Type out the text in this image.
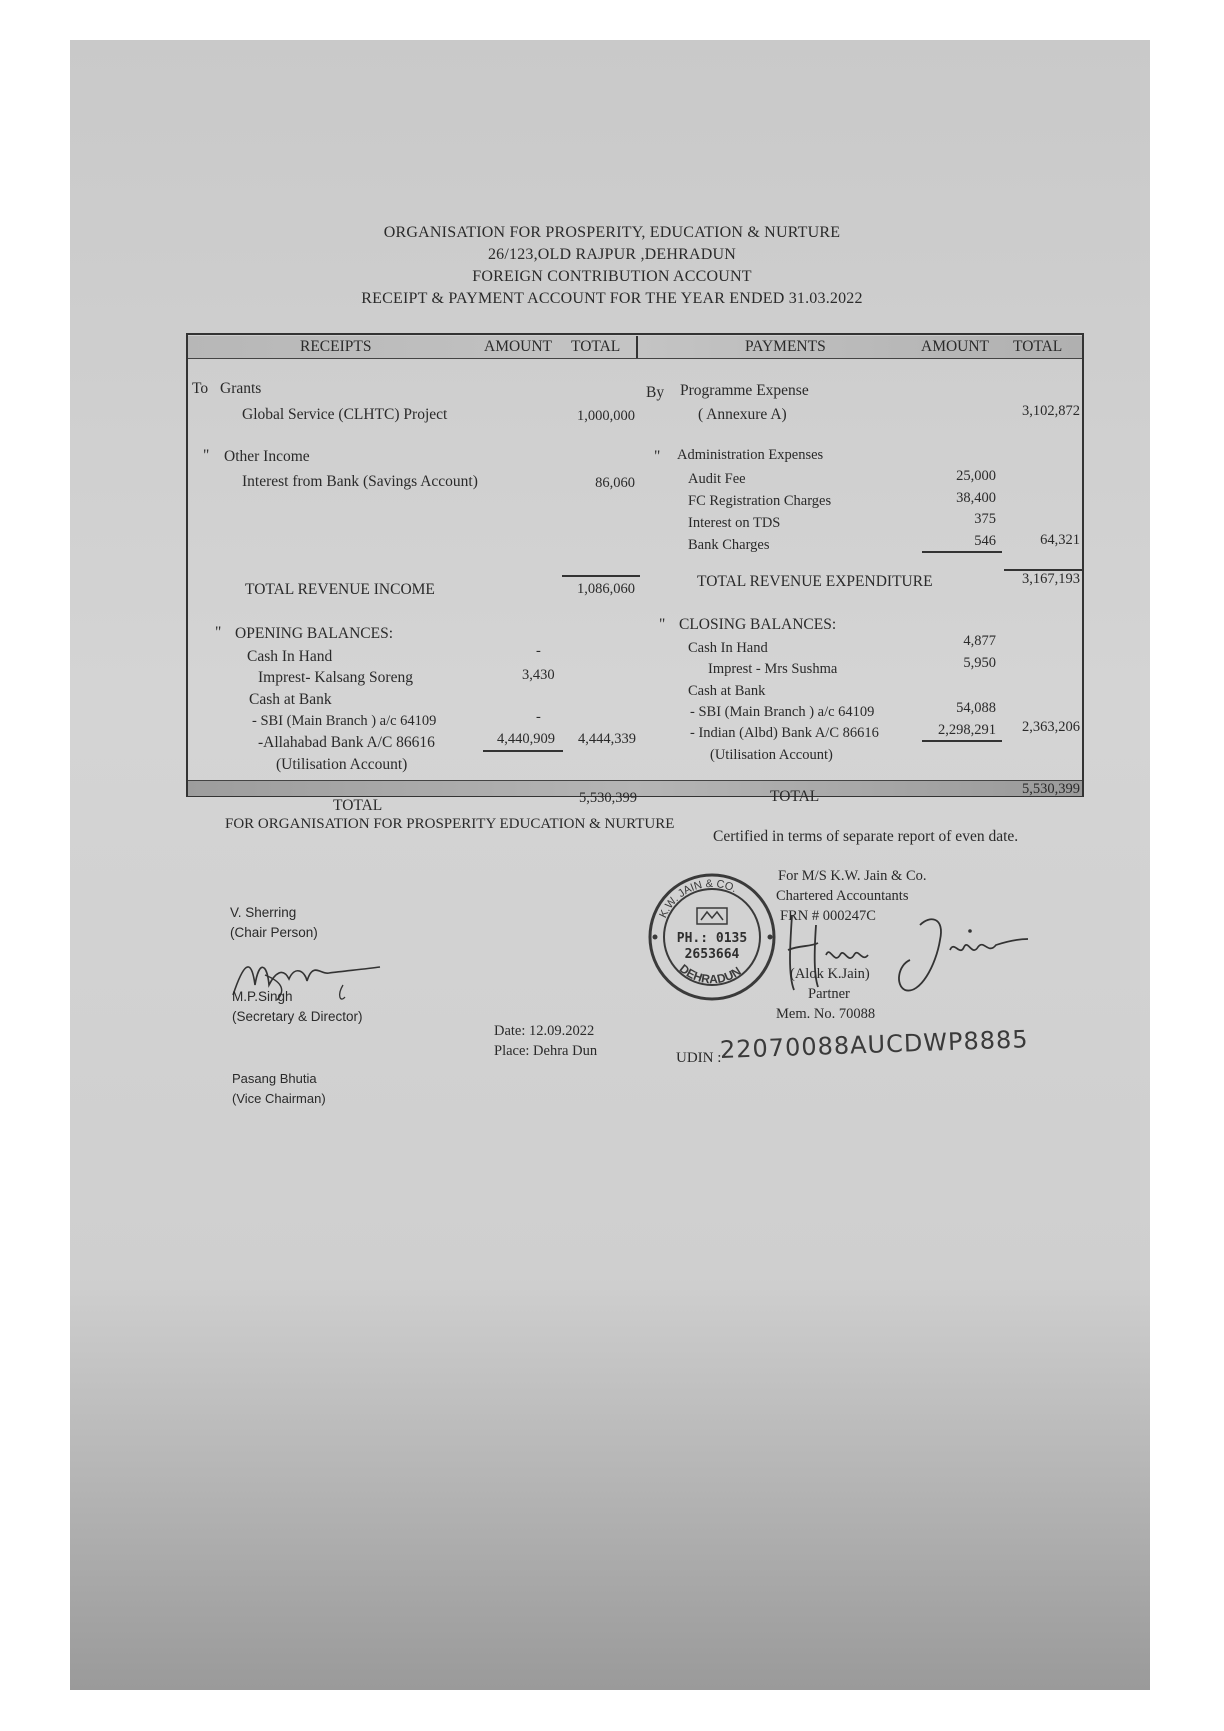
ORGANISATION FOR PROSPERITY, EDUCATION & NURTURE
26/123,OLD RAJPUR ,DEHRADUN
FOREIGN CONTRIBUTION ACCOUNT
RECEIPT & PAYMENT ACCOUNT FOR THE YEAR ENDED 31.03.2022
RECEIPTS	AMOUNT TOTAL	PAYMENTS	AMOUNT TOTAL
To Grants
Global Service (CLHTC) Project	1,000,000
" Other Income
Interest from Bank (Savings Account)	86,060
TOTAL REVENUE INCOME	1,086,060
" OPENING BALANCES:
Cash In Hand	-
Imprest- Kalsang Soreng	3,430
Cash at Bank
- SBI (Main Branch ) a/c 64109	-
-Allahabad Bank A/C 86616	4,440,909 4,444,339
(Utilisation Account)
TOTAL	5,530,399
By Programme Expense
( Annexure A)	3,102,872
" Administration Expenses
Audit Fee	25,000
FC Registration Charges	38,400
Interest on TDS	375
Bank Charges	546	64,321
TOTAL REVENUE EXPENDITURE	3,167,193
" CLOSING BALANCES:
Cash In Hand	4,877
Imprest - Mrs Sushma	5,950
Cash at Bank
- SBI (Main Branch ) a/c 64109	54,088
- Indian (Albd) Bank A/C 86616	2,298,291	2,363,206
(Utilisation Account)
TOTAL	5,530,399
FOR ORGANISATION FOR PROSPERITY EDUCATION & NURTURE
Certified in terms of separate report of even date.
V. Sherring
(Chair Person)
M.P.Singh
(Secretary & Director)
Pasang Bhutia
(Vice Chairman)
Date: 12.09.2022
Place: Dehra Dun
K.W. JAIN & CO.
DEHRADUN
PH.: 0135
2653664
For M/S K.W. Jain & Co.
Chartered Accountants
FRN # 000247C
(Alok K.Jain)
Partner
Mem. No. 70088
UDIN :
22070088AUCDWP8885
